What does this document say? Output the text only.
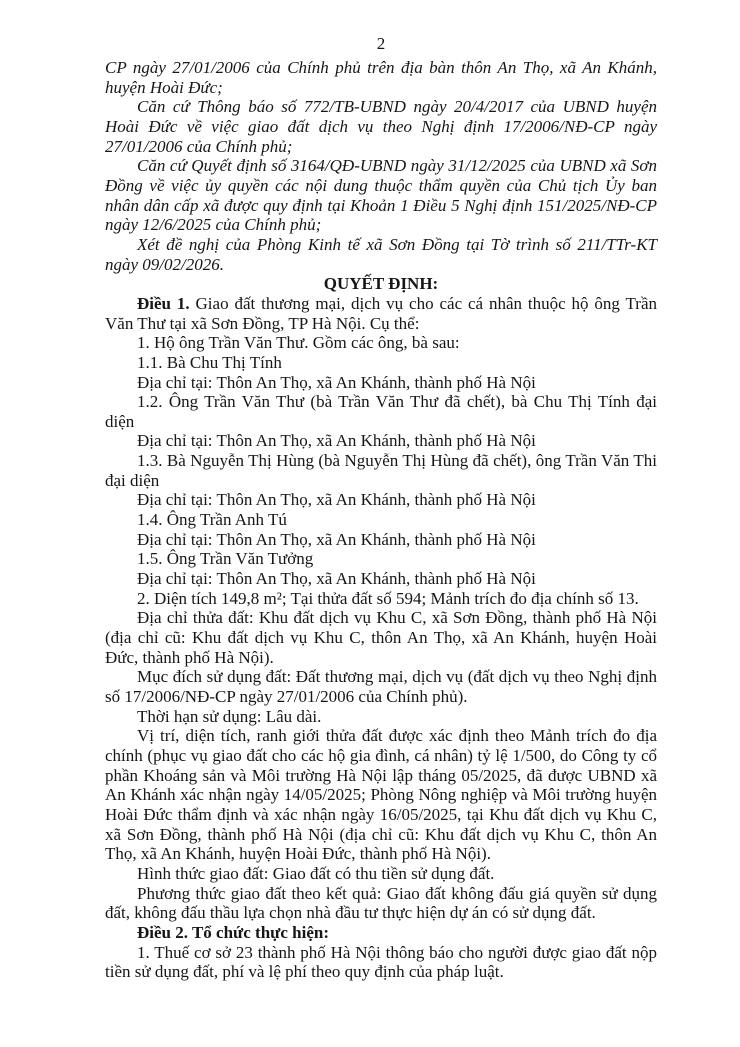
2

CP ngày 27/01/2006 của Chính phủ trên địa bàn thôn An Thọ, xã An Khánh, huyện Hoài Đức;

Căn cứ Thông báo số 772/TB-UBND ngày 20/4/2017 của UBND huyện Hoài Đức về việc giao đất dịch vụ theo Nghị định 17/2006/NĐ-CP ngày 27/01/2006 của Chính phủ;

Căn cứ Quyết định số 3164/QĐ-UBND ngày 31/12/2025 của UBND xã Sơn Đồng về việc ủy quyền các nội dung thuộc thẩm quyền của Chủ tịch Ủy ban nhân dân cấp xã được quy định tại Khoản 1 Điều 5 Nghị định 151/2025/NĐ-CP ngày 12/6/2025 của Chính phủ;

Xét đề nghị của Phòng Kinh tế xã Sơn Đồng tại Tờ trình số 211/TTr-KT ngày 09/02/2026.

QUYẾT ĐỊNH:

Điều 1. Giao đất thương mại, dịch vụ cho các cá nhân thuộc hộ ông Trần Văn Thư tại xã Sơn Đồng, TP Hà Nội. Cụ thể:

1. Hộ ông Trần Văn Thư. Gồm các ông, bà sau:

1.1. Bà Chu Thị Tính

Địa chỉ tại: Thôn An Thọ, xã An Khánh, thành phố Hà Nội

1.2. Ông Trần Văn Thư (bà Trần Văn Thư đã chết), bà Chu Thị Tính đại diện

Địa chỉ tại: Thôn An Thọ, xã An Khánh, thành phố Hà Nội

1.3. Bà Nguyễn Thị Hùng (bà Nguyễn Thị Hùng đã chết), ông Trần Văn Thi đại diện

Địa chỉ tại: Thôn An Thọ, xã An Khánh, thành phố Hà Nội

1.4. Ông Trần Anh Tú

Địa chỉ tại: Thôn An Thọ, xã An Khánh, thành phố Hà Nội

1.5. Ông Trần Văn Tưởng

Địa chỉ tại: Thôn An Thọ, xã An Khánh, thành phố Hà Nội

2. Diện tích 149,8 m²; Tại thửa đất số 594; Mảnh trích đo địa chính số 13.

Địa chỉ thửa đất: Khu đất dịch vụ Khu C, xã Sơn Đồng, thành phố Hà Nội (địa chỉ cũ: Khu đất dịch vụ Khu C, thôn An Thọ, xã An Khánh, huyện Hoài Đức, thành phố Hà Nội).

Mục đích sử dụng đất: Đất thương mại, dịch vụ (đất dịch vụ theo Nghị định số 17/2006/NĐ-CP ngày 27/01/2006 của Chính phủ).

Thời hạn sử dụng: Lâu dài.

Vị trí, diện tích, ranh giới thửa đất được xác định theo Mảnh trích đo địa chính (phục vụ giao đất cho các hộ gia đình, cá nhân) tỷ lệ 1/500, do Công ty cổ phần Khoáng sản và Môi trường Hà Nội lập tháng 05/2025, đã được UBND xã An Khánh xác nhận ngày 14/05/2025; Phòng Nông nghiệp và Môi trường huyện Hoài Đức thẩm định và xác nhận ngày 16/05/2025, tại Khu đất dịch vụ Khu C, xã Sơn Đồng, thành phố Hà Nội (địa chỉ cũ: Khu đất dịch vụ Khu C, thôn An Thọ, xã An Khánh, huyện Hoài Đức, thành phố Hà Nội).

Hình thức giao đất: Giao đất có thu tiền sử dụng đất.

Phương thức giao đất theo kết quả: Giao đất không đấu giá quyền sử dụng đất, không đấu thầu lựa chọn nhà đầu tư thực hiện dự án có sử dụng đất.

Điều 2. Tổ chức thực hiện:

1. Thuế cơ sở 23 thành phố Hà Nội thông báo cho người được giao đất nộp tiền sử dụng đất, phí và lệ phí theo quy định của pháp luật.
